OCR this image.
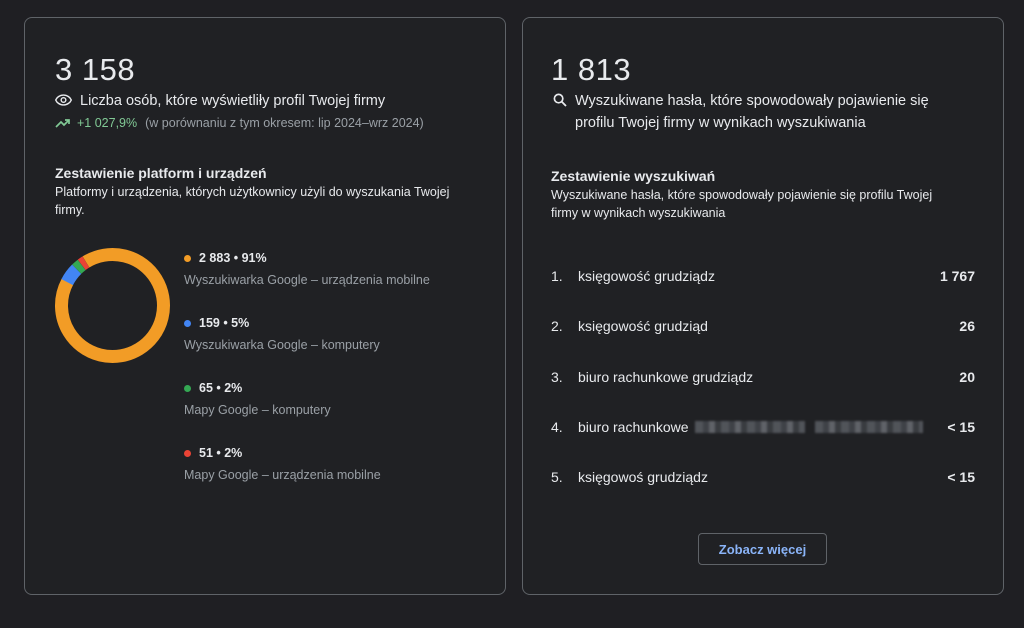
3 158
Liczba osób, które wyświetliły profil Twojej firmy
+1 027,9% (w porównaniu z tym okresem: lip 2024–wrz 2024)
Zestawienie platform i urządzeń
Platformy i urządzenia, których użytkownicy użyli do wyszukania Twojej firmy.
2 883 • 91%
Wyszukiwarka Google – urządzenia mobilne
159 • 5%
Wyszukiwarka Google – komputery
65 • 2%
Mapy Google – komputery
51 • 2%
Mapy Google – urządzenia mobilne
1 813
Wyszukiwane hasła, które spowodowały pojawienie się profilu Twojej firmy w wynikach wyszukiwania
Zestawienie wyszukiwań
Wyszukiwane hasła, które spowodowały pojawienie się profilu Twojej firmy w wynikach wyszukiwania
1. księgowość grudziądz	1 767
2. księgowość grudziąd	26
3. biuro rachunkowe grudziądz	20
4. biuro rachunkowe	< 15
5. księgowoś grudziądz	< 15
Zobacz więcej
